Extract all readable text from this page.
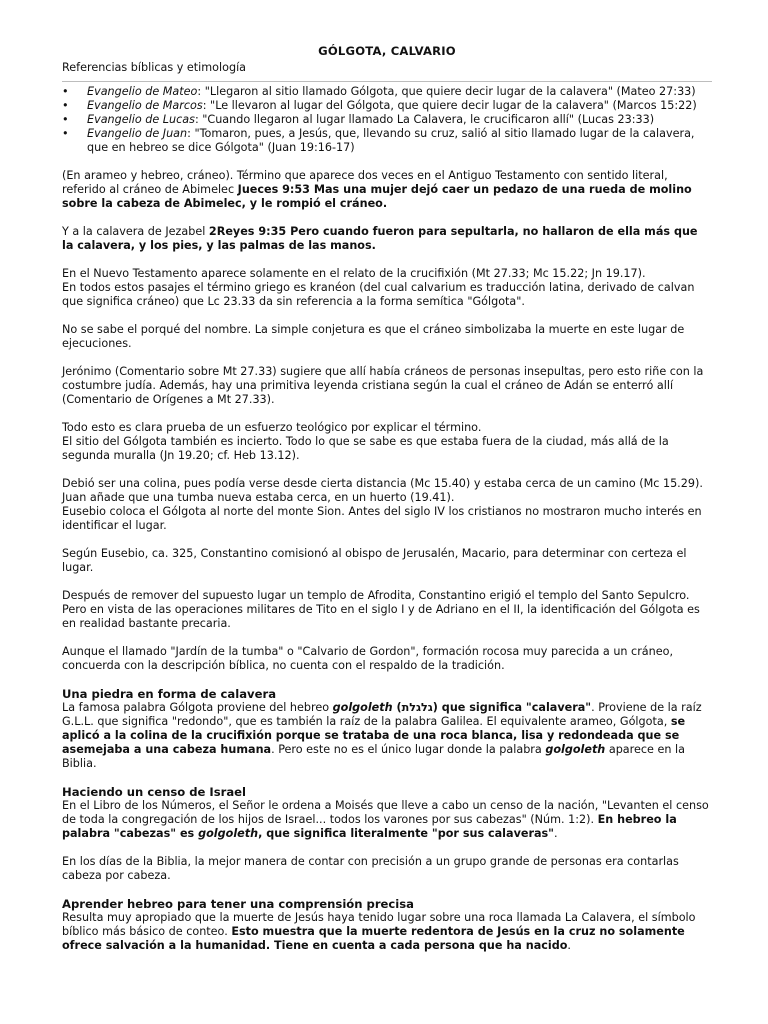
GÓLGOTA, CALVARIO
Referencias bíblicas y etimología
• Evangelio de Mateo: "Llegaron al sitio llamado Gólgota, que quiere decir lugar de la calavera" (Mateo 27:33)
• Evangelio de Marcos: "Le llevaron al lugar del Gólgota, que quiere decir lugar de la calavera" (Marcos 15:22)
• Evangelio de Lucas: "Cuando llegaron al lugar llamado La Calavera, le crucificaron allí" (Lucas 23:33)
• Evangelio de Juan: "Tomaron, pues, a Jesús, que, llevando su cruz, salió al sitio llamado lugar de la calavera, que en hebreo se dice Gólgota" (Juan 19:16-17)

(En arameo y hebreo, cráneo). Término que aparece dos veces en el Antiguo Testamento con sentido literal, referido al cráneo de Abimelec Jueces 9:53 Mas una mujer dejó caer un pedazo de una rueda de molino sobre la cabeza de Abimelec, y le rompió el cráneo.

Y a la calavera de Jezabel 2Reyes 9:35 Pero cuando fueron para sepultarla, no hallaron de ella más que la calavera, y los pies, y las palmas de las manos.

En el Nuevo Testamento aparece solamente en el relato de la crucifixión (Mt 27.33; Mc 15.22; Jn 19.17).
En todos estos pasajes el término griego es kranéon (del cual calvarium es traducción latina, derivado de calvan que significa cráneo) que Lc 23.33 da sin referencia a la forma semítica "Gólgota".

No se sabe el porqué del nombre. La simple conjetura es que el cráneo simbolizaba la muerte en este lugar de ejecuciones.

Jerónimo (Comentario sobre Mt 27.33) sugiere que allí había cráneos de personas insepultas, pero esto riñe con la costumbre judía. Además, hay una primitiva leyenda cristiana según la cual el cráneo de Adán se enterró allí (Comentario de Orígenes a Mt 27.33).

Todo esto es clara prueba de un esfuerzo teológico por explicar el término.
El sitio del Gólgota también es incierto. Todo lo que se sabe es que estaba fuera de la ciudad, más allá de la segunda muralla (Jn 19.20; cf. Heb 13.12).

Debió ser una colina, pues podía verse desde cierta distancia (Mc 15.40) y estaba cerca de un camino (Mc 15.29).
Juan añade que una tumba nueva estaba cerca, en un huerto (19.41).
Eusebio coloca el Gólgota al norte del monte Sion. Antes del siglo IV los cristianos no mostraron mucho interés en identificar el lugar.

Según Eusebio, ca. 325, Constantino comisionó al obispo de Jerusalén, Macario, para determinar con certeza el lugar.

Después de remover del supuesto lugar un templo de Afrodita, Constantino erigió el templo del Santo Sepulcro.
Pero en vista de las operaciones militares de Tito en el siglo I y de Adriano en el II, la identificación del Gólgota es en realidad bastante precaria.

Aunque el llamado "Jardín de la tumba" o "Calvario de Gordon", formación rocosa muy parecida a un cráneo, concuerda con la descripción bíblica, no cuenta con el respaldo de la tradición.

Una piedra en forma de calavera

La famosa palabra Gólgota proviene del hebreo golgoleth (גלגלת) que significa "calavera". Proviene de la raíz G.L.L. que significa "redondo", que es también la raíz de la palabra Galilea. El equivalente arameo, Gólgota, se aplicó a la colina de la crucifixión porque se trataba de una roca blanca, lisa y redondeada que se asemejaba a una cabeza humana. Pero este no es el único lugar donde la palabra golgoleth aparece en la Biblia.

Haciendo un censo de Israel

En el Libro de los Números, el Señor le ordena a Moisés que lleve a cabo un censo de la nación, "Levanten el censo de toda la congregación de los hijos de Israel... todos los varones por sus cabezas" (Núm. 1:2). En hebreo la palabra "cabezas" es golgoleth, que significa literalmente "por sus calaveras".

En los días de la Biblia, la mejor manera de contar con precisión a un grupo grande de personas era contarlas cabeza por cabeza.

Aprender hebreo para tener una comprensión precisa

Resulta muy apropiado que la muerte de Jesús haya tenido lugar sobre una roca llamada La Calavera, el símbolo bíblico más básico de conteo. Esto muestra que la muerte redentora de Jesús en la cruz no solamente ofrece salvación a la humanidad. Tiene en cuenta a cada persona que ha nacido.
